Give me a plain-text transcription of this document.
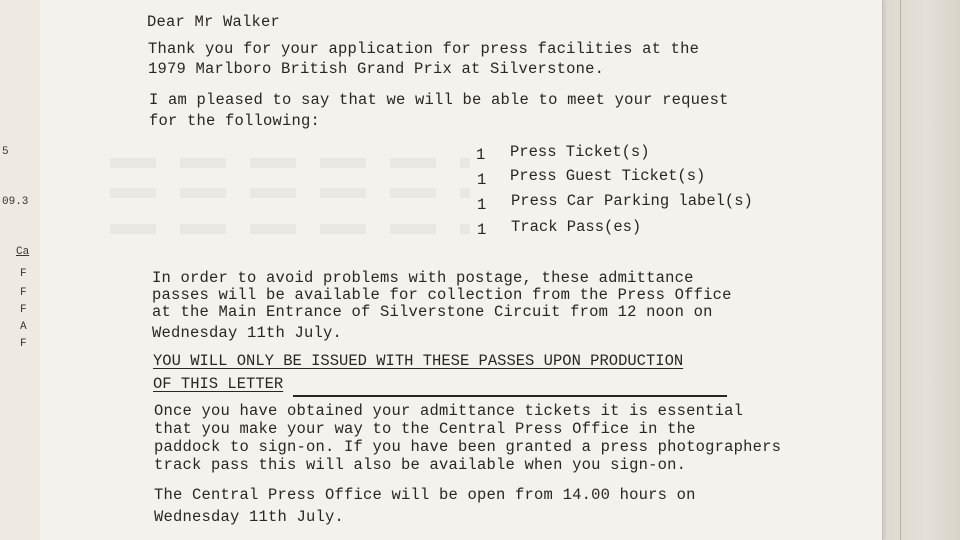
5
09.3
Ca
F
F
F
A
F
Dear Mr Walker
Thank you for your application for press facilities at the
1979 Marlboro British Grand Prix at Silverstone.
I am pleased to say that we will be able to meet your request
for the following:
1 Press Ticket(s)
1 Press Guest Ticket(s)
1 Press Car Parking label(s)
1 Track Pass(es)
In order to avoid problems with postage, these admittance
passes will be available for collection from the Press Office
at the Main Entrance of Silverstone Circuit from 12 noon on
Wednesday 11th July.
YOU WILL ONLY BE ISSUED WITH THESE PASSES UPON PRODUCTION
OF THIS LETTER
Once you have obtained your admittance tickets it is essential
that you make your way to the Central Press Office in the
paddock to sign-on. If you have been granted a press photographers
track pass this will also be available when you sign-on.
The Central Press Office will be open from 14.00 hours on
Wednesday 11th July.
